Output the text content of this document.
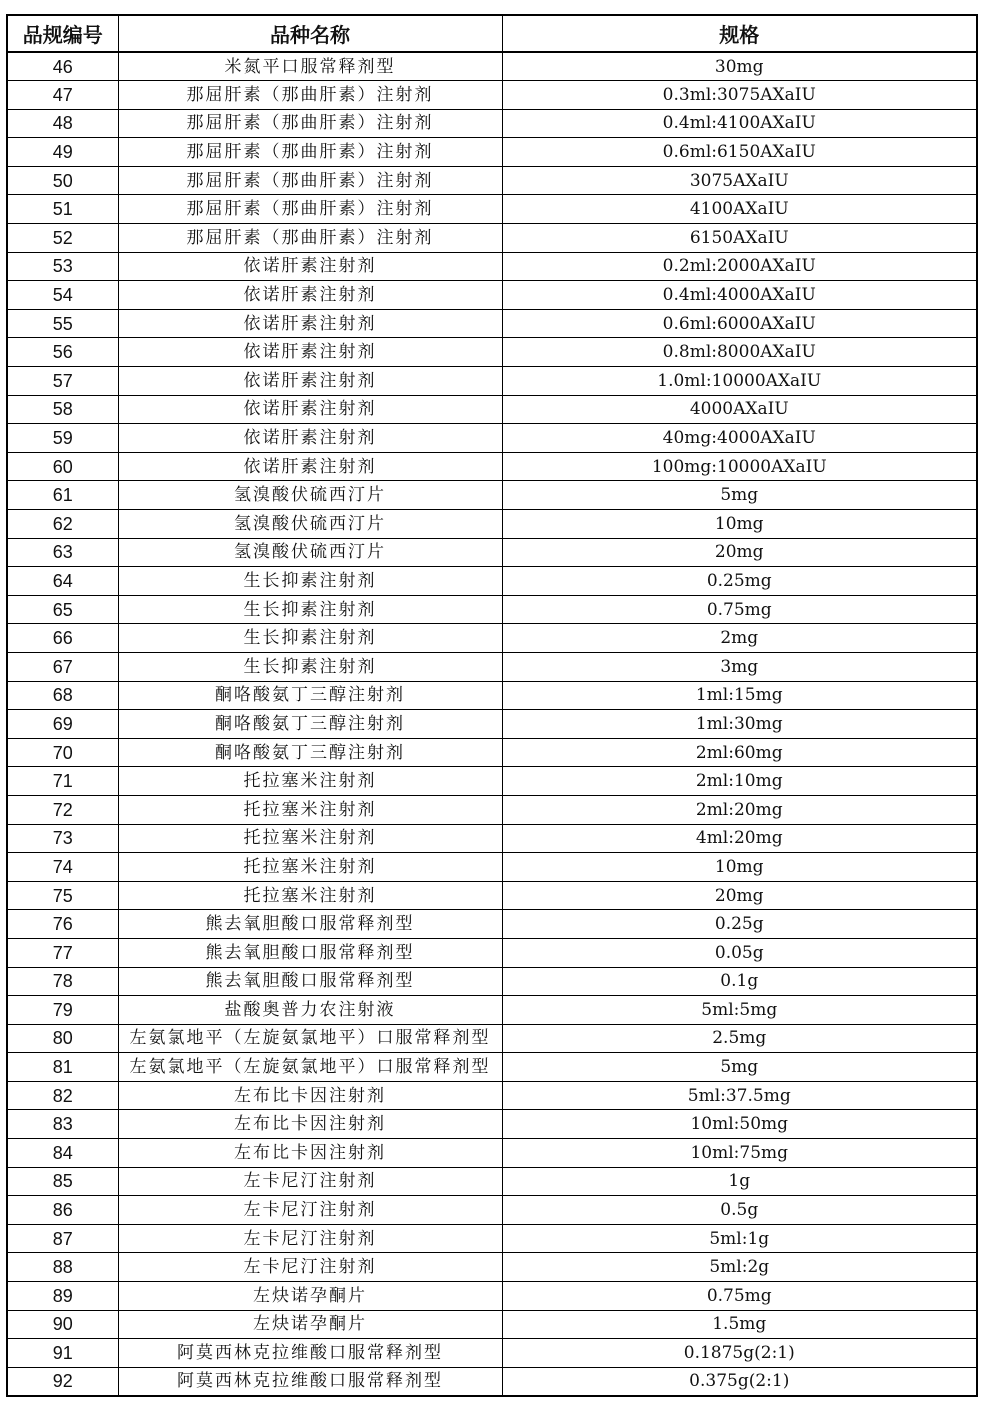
品规编号	品种名称	规格
46	米氮平口服常释剂型	30mg
47	那屈肝素（那曲肝素）注射剂	0.3ml:3075AXaIU
48	那屈肝素（那曲肝素）注射剂	0.4ml:4100AXaIU
49	那屈肝素（那曲肝素）注射剂	0.6ml:6150AXaIU
50	那屈肝素（那曲肝素）注射剂	3075AXaIU
51	那屈肝素（那曲肝素）注射剂	4100AXaIU
52	那屈肝素（那曲肝素）注射剂	6150AXaIU
53	依诺肝素注射剂	0.2ml:2000AXaIU
54	依诺肝素注射剂	0.4ml:4000AXaIU
55	依诺肝素注射剂	0.6ml:6000AXaIU
56	依诺肝素注射剂	0.8ml:8000AXaIU
57	依诺肝素注射剂	1.0ml:10000AXaIU
58	依诺肝素注射剂	4000AXaIU
59	依诺肝素注射剂	40mg:4000AXaIU
60	依诺肝素注射剂	100mg:10000AXaIU
61	氢溴酸伏硫西汀片	5mg
62	氢溴酸伏硫西汀片	10mg
63	氢溴酸伏硫西汀片	20mg
64	生长抑素注射剂	0.25mg
65	生长抑素注射剂	0.75mg
66	生长抑素注射剂	2mg
67	生长抑素注射剂	3mg
68	酮咯酸氨丁三醇注射剂	1ml:15mg
69	酮咯酸氨丁三醇注射剂	1ml:30mg
70	酮咯酸氨丁三醇注射剂	2ml:60mg
71	托拉塞米注射剂	2ml:10mg
72	托拉塞米注射剂	2ml:20mg
73	托拉塞米注射剂	4ml:20mg
74	托拉塞米注射剂	10mg
75	托拉塞米注射剂	20mg
76	熊去氧胆酸口服常释剂型	0.25g
77	熊去氧胆酸口服常释剂型	0.05g
78	熊去氧胆酸口服常释剂型	0.1g
79	盐酸奥普力农注射液	5ml:5mg
80	左氨氯地平（左旋氨氯地平）口服常释剂型	2.5mg
81	左氨氯地平（左旋氨氯地平）口服常释剂型	5mg
82	左布比卡因注射剂	5ml:37.5mg
83	左布比卡因注射剂	10ml:50mg
84	左布比卡因注射剂	10ml:75mg
85	左卡尼汀注射剂	1g
86	左卡尼汀注射剂	0.5g
87	左卡尼汀注射剂	5ml:1g
88	左卡尼汀注射剂	5ml:2g
89	左炔诺孕酮片	0.75mg
90	左炔诺孕酮片	1.5mg
91	阿莫西林克拉维酸口服常释剂型	0.1875g(2:1)
92	阿莫西林克拉维酸口服常释剂型	0.375g(2:1)
